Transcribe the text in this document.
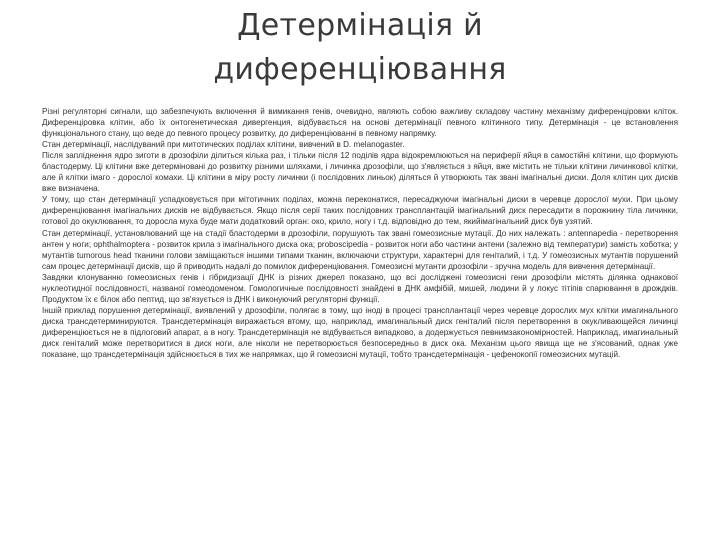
Детермінація й
диференціювання

Різні регуляторні сигнали, що забезпечують включення й вимикання генів, очевидно, являють собою важливу складову частину механізму диференціровки кліток. Диференціровка клітин, або їх онтогенетическая дивергенция, відбувається на основі детермінації певного клітинного типу. Детермінація - це встановлення функціонального стану, що веде до певного процесу розвитку, до диференціюванні в певному напрямку.

Стан детермінації, наслідуваний при митотических поділах клітини, вивчений в D. melanogaster.

Після запліднення ядро зиготи в дрозофіли ділиться кілька раз, і тільки після 12 поділів ядра відокремлюються на периферії яйця в самостійні клітини, що формують бластодерму. Ці клітини вже детерміновані до розвитку різними шляхами, і личинка дрозофіли, що з'являється з яйця, вже містить не тільки клітини личинкової клітки, але й клітки імаго - дорослої комахи. Ці клітини в міру росту личинки (і послідовних линьок) діляться й утворюють так звані імагінальні диски. Доля клітин цих дисків вже визначена.

У тому, що стан детермінації успадковується при мітотичних поділах, можна переконатися, пересаджуючи імагінальні диски в черевце дорослої мухи. При цьому диференціювання імагінальних дисків не відбувається. Якщо після серії таких послідовних трансплантацій імагінальний диск пересадити в порожнину тіла личинки, готової до окуклювання, то доросла муха буде мати додатковий орган: око, крило, ногу і т.д. відповідно до тем, якийімагінальний диск був узятий.

Стан детермінації, установлюваний ще на стадії бластодерми в дрозофіли, порушують так звані гомеозисные мутації. До них належать : antennapedia - перетворення антен у ноги; ophthalmoptera - розвиток крила з імагінального диска ока; proboscipedia - розвиток ноги або частини антени (залежно від температури) замість хоботка; у мутантів tumorous head тканини голови заміщаються іншими типами тканин, включаючи структури, характерні для геніталий, і т.д. У гомеозисных мутантів порушений сам процес детермінації дисків, що й приводить надалі до помилок диференціювання. Гомеозисні мутанти дрозофіли - зручна модель для вивчення детермінації.

Завдяки клонуванню гомеозисных генів і гібридизації ДНК із різних джерел показано, що всі досліджені гомеозисні гени дрозофіли містять ділянка однакової нуклеотидної послідовності, названої гомеодоменом. Гомологичные послідовності знайдені в ДНК амфібій, мишей, людини й у локус тітіпів спарювання в дрождків. Продуктом їх є білок або пептид, що зв'язується із ДНК і виконуючий регуляторні функції.

Іншій приклад порушення детермінації, виявлений у дрозофіли, полягає в тому, що іноді в процесі трансплантації через черевце дорослих мух клітки имагинального диска трансдетерминируются. Трансдетермінація виражається втому, що, наприклад, имагинальный диск геніталий після перетворення в окукливающейся личинці диференціюється не в підлоговий апарат, а в ногу. Трансдетермінація не відбувається випадково, а додержується певнимзакономірностей. Наприклад, имагинальный диск геніталий може перетворитися в диск ноги, але ніколи не перетворюється безпосередньо в диск ока. Механізм цього явища ще не з'ясований, однак уже показане, що трансдетермінація здійснюється в тих же напрямках, що й гомеозисні мутації, тобто трансдетермінація - цефенокопії гомеозисних мутацій.
